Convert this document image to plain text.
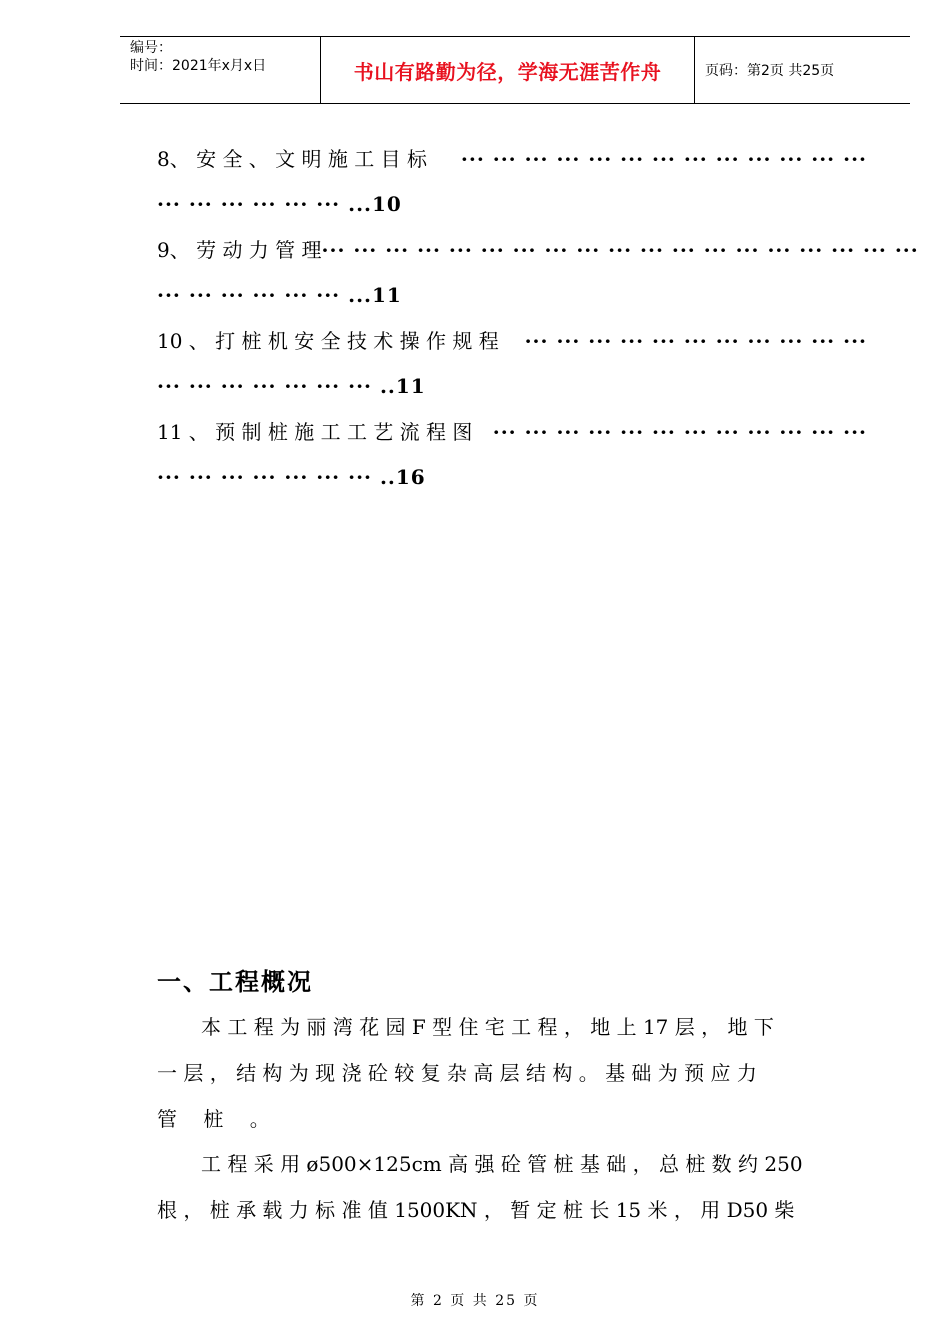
编号：
时间：2021年x月x日	书山有路勤为径，学海无涯苦作舟	页码：第2页 共25页
8、 安 全 、 文 明 施 工 目 标 ··· ··· ··· ··· ··· ··· ··· ··· ··· ··· ··· ··· ···
··· ··· ··· ··· ··· ··· ...10
9、 劳 动 力 管 理 ··· ··· ··· ··· ··· ··· ··· ··· ··· ··· ··· ··· ··· ··· ··· ··· ··· ··· ···
··· ··· ··· ··· ··· ··· ...11
10 、 打 桩 机 安 全 技 术 操 作 规 程 ··· ··· ··· ··· ··· ··· ··· ··· ··· ··· ···
··· ··· ··· ··· ··· ··· ··· ..11
11 、 预 制 桩 施 工 工 艺 流 程 图 ··· ··· ··· ··· ··· ··· ··· ··· ··· ··· ··· ···
··· ··· ··· ··· ··· ··· ··· ..16
一、工程概况
本 工 程 为 丽 湾 花 园 F 型 住 宅 工 程 ， 地 上 17 层 ， 地 下
一 层 ， 结 构 为 现 浇 砼 较 复 杂 高 层 结 构 。 基 础 为 预 应 力
管 桩 。
工 程 采 用 ø500×125cm 高 强 砼 管 桩 基 础 ， 总 桩 数 约 250
根 ， 桩 承 载 力 标 准 值 1500KN ， 暂 定 桩 长 15 米 ， 用 D50 柴
第 2 页 共 25 页
